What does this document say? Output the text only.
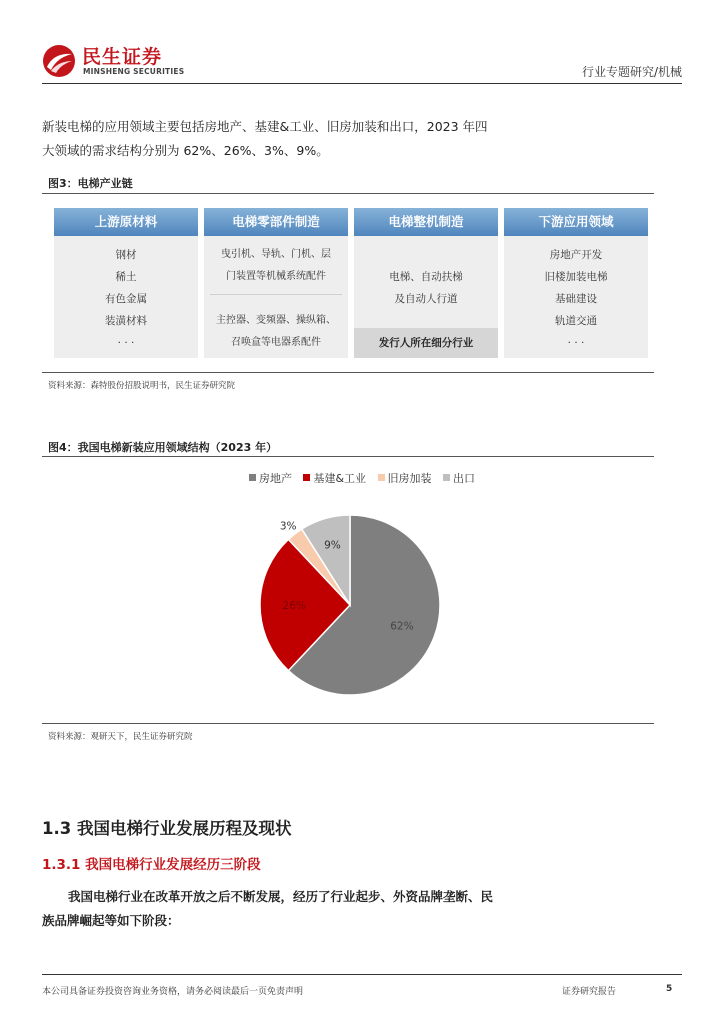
民生证券
MINSHENG SECURITIES	行业专题研究/机械
新装电梯的应用领域主要包括房地产、基建&工业、旧房加装和出口，2023 年四
大领域的需求结构分别为 62%、26%、3%、9%。
图3：电梯产业链
上游原材料
钢材
稀土
有色金属
装潢材料
· · ·
电梯零部件制造
曳引机、导轨、门机、层
门装置等机械系统配件
主控器、变频器、操纵箱、
召唤盒等电器系配件
电梯整机制造
电梯、自动扶梯
及自动人行道
发行人所在细分行业
下游应用领域
房地产开发
旧楼加装电梯
基础建设
轨道交通
· · ·
资料来源：森特股份招股说明书，民生证券研究院
图4：我国电梯新装应用领域结构（2023 年）
房地产 基建&工业 旧房加装 出口
62%
26%
3%
9%
资料来源：观研天下，民生证券研究院
1.3 我国电梯行业发展历程及现状
1.3.1 我国电梯行业发展经历三阶段
我国电梯行业在改革开放之后不断发展，经历了行业起步、外资品牌垄断、民
族品牌崛起等如下阶段：
本公司具备证券投资咨询业务资格，请务必阅读最后一页免责声明	证券研究报告	5
